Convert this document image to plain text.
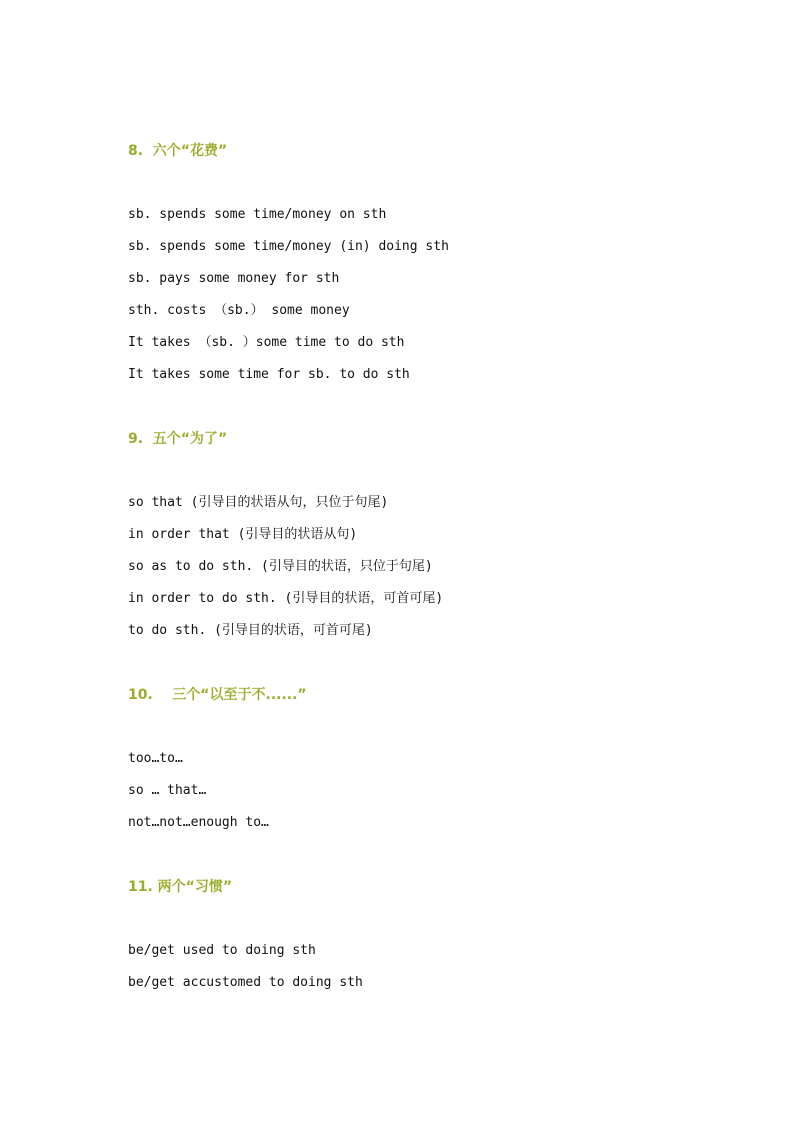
8.  六个“花费”

sb. spends some time/money on sth

sb. spends some time/money (in) doing sth

sb. pays some money for sth

sth. costs （sb.） some money

It takes （sb. ）some time to do sth

It takes some time for sb. to do sth

9.  五个“为了”

so that (引导目的状语从句，只位于句尾)

in order that (引导目的状语从句)

so as to do sth. (引导目的状语，只位于句尾)

in order to do sth. (引导目的状语，可首可尾)

to do sth. (引导目的状语，可首可尾)

10.    三个“以至于不......”

too…to…

so … that…

not…not…enough to…

11. 两个“习惯”

be/get used to doing sth

be/get accustomed to doing sth
